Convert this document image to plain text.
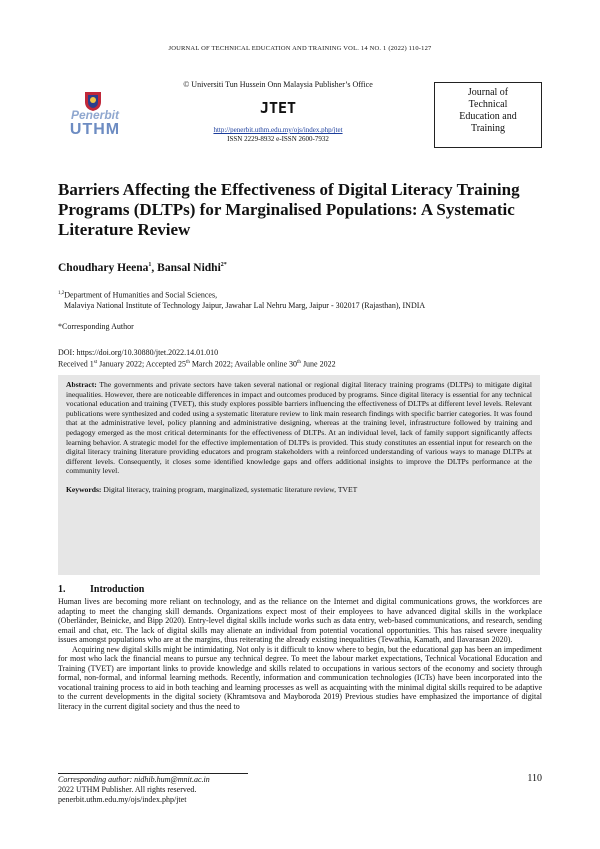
JOURNAL OF TECHNICAL EDUCATION AND TRAINING VOL. 14 NO. 1 (2022) 110-127
Penerbit
UTHM
© Universiti Tun Hussein Onn Malaysia Publisher’s Office
JTET
http://penerbit.uthm.edu.my/ojs/index.php/jtet
ISSN 2229-8932 e-ISSN 2600-7932
Journal of
Technical
Education and
Training
Barriers Affecting the Effectiveness of Digital Literacy Training Programs (DLTPs) for Marginalised Populations: A Systematic Literature Review
Choudhary Heena$^1$, Bansal Nidhi$^{2*}$
$^{1,2}$Department of Humanities and Social Sciences,
Malaviya National Institute of Technology Jaipur, Jawahar Lal Nehru Marg, Jaipur - 302017 (Rajasthan), INDIA
*Corresponding Author
DOI: https://doi.org/10.30880/jtet.2022.14.01.010
Received 1st January 2022; Accepted 25th March 2022; Available online 30th June 2022
Abstract: The governments and private sectors have taken several national or regional digital literacy training programs (DLTPs) to mitigate digital inequalities. However, there are noticeable differences in impact and outcomes produced by programs. Since digital literacy is essential for any technical vocational education and training (TVET), this study explores possible barriers influencing the effectiveness of DLTPs at different level levels. Relevant publications were synthesized and coded using a systematic literature review to link main research findings with specific barrier categories. It was found that at the administrative level, policy planning and administrative designing, whereas at the training level, infrastructure followed by training and pedagogy emerged as the most critical determinants for the effectiveness of DLTPs. At an individual level, lack of family support significantly affects learning behavior. A strategic model for the effective implementation of DLTPs is provided. This study constitutes an essential input for research on the digital literacy training literature providing educators and program stakeholders with a reinforced understanding of various ways to manage DLTPs at different levels. Consequently, it closes some identified knowledge gaps and offers additional insights to improve the DLTPs performance at the community level.
Keywords: Digital literacy, training program, marginalized, systematic literature review, TVET
1. Introduction

Human lives are becoming more reliant on technology, and as the reliance on the Internet and digital communications grows, the workforces are adapting to meet the changing skill demands. Organizations expect most of their employees to have advanced digital skills in the workplace (Oberländer, Beinicke, and Bipp 2020). Entry-level digital skills include works such as data entry, web-based communications, and research, sending email and chat, etc. The lack of digital skills may alienate an individual from potential vocational opportunities. This has raised severe inequality issues amongst populations who are at the margins, thus reiterating the already existing inequalities (Tewathia, Kamath, and Ilavarasan 2020).

Acquiring new digital skills might be intimidating. Not only is it difficult to know where to begin, but the educational gap has been an impediment for most who lack the financial means to pursue any technical degree. To meet the labour market expectations, Technical Vocational Education and Training (TVET) are important links to provide knowledge and skills related to occupations in various sectors of the economy and society through formal, non-formal, and informal learning methods. Recently, information and communication technologies (ICTs) have been incorporated into the vocational training process to aid in both teaching and learning processes as well as acquainting with the minimal digital skills required to be adaptive to the current developments in the digital society (Khramtsova and Mayboroda 2019) Previous studies have emphasized the importance of digital literacy in the current digital society and thus the need to

Corresponding author: nidhib.hum@mnit.ac.in
2022 UTHM Publisher. All rights reserved.
penerbit.uthm.edu.my/ojs/index.php/jtet
110
